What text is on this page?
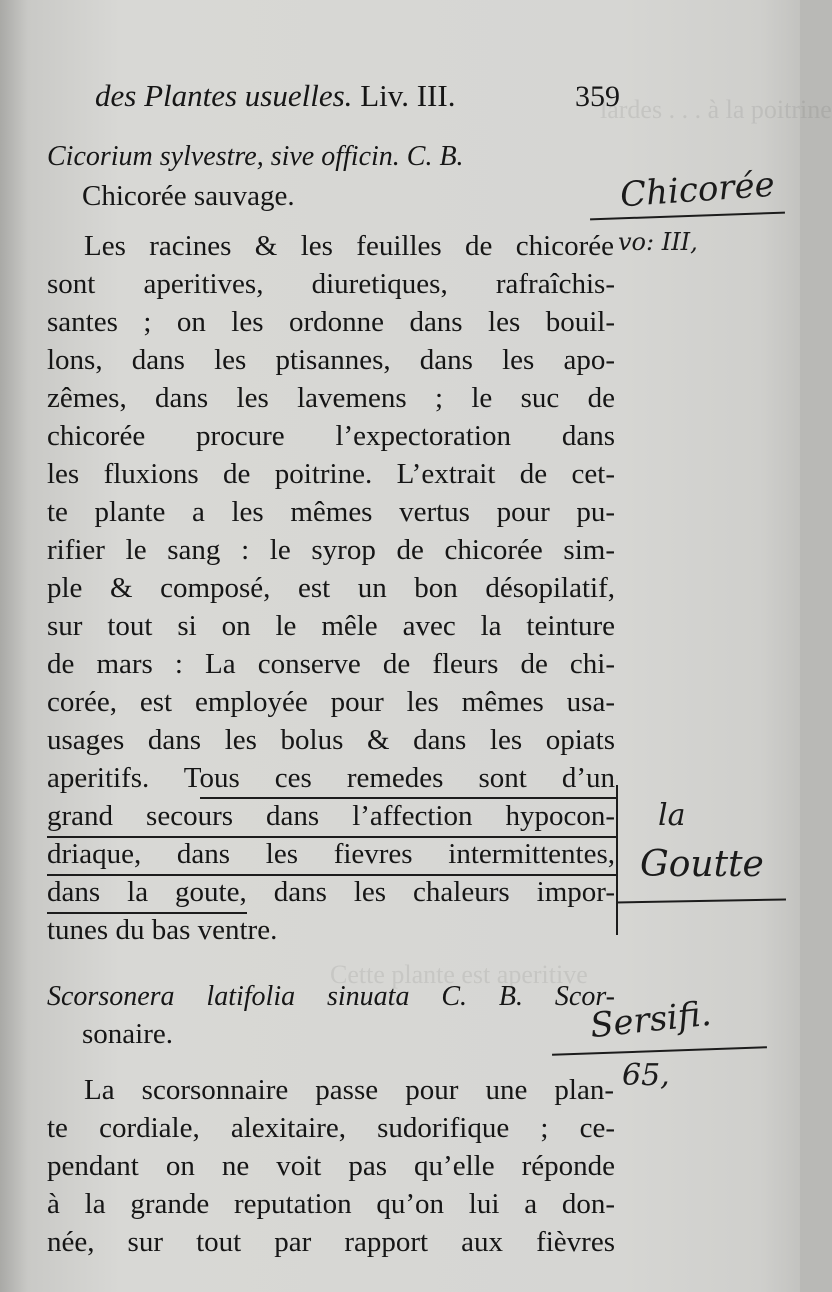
lardes . . . à la poitrine
Cette plante est aperitive
des Plantes usuelles. Liv. III.	359
Cicorium sylvestre, sive officin. C. B.
Chicorée sauvage.
Les racines & les feuilles de chicorée
sont aperitives, diuretiques, rafraîchis-
santes ; on les ordonne dans les bouil-
lons, dans les ptisannes, dans les apo-
zêmes, dans les lavemens ; le suc de
chicorée procure l’expectoration dans
les fluxions de poitrine. L’extrait de cet-
te plante a les mêmes vertus pour pu-
rifier le sang : le syrop de chicorée sim-
ple & composé, est un bon désopilatif,
sur tout si on le mêle avec la teinture
de mars : La conserve de fleurs de chi-
corée, est employée pour les mêmes usa-
usages dans les bolus & dans les opiats
aperitifs. Tous ces remedes sont d’un
grand secours dans l’affection hypocon-
driaque, dans les fievres intermittentes,
dans la goute, dans les chaleurs impor-
tunes du bas ventre.
Scorsonera latifolia sinuata C. B. Scor-
sonaire.
La scorsonnaire passe pour une plan-
te cordiale, alexitaire, sudorifique ; ce-
pendant on ne voit pas qu’elle réponde
à la grande reputation qu’on lui a don-
née, sur tout par rapport aux fièvres
Chicorée
vo: III,
la
Goutte
Sersifi.
65,
